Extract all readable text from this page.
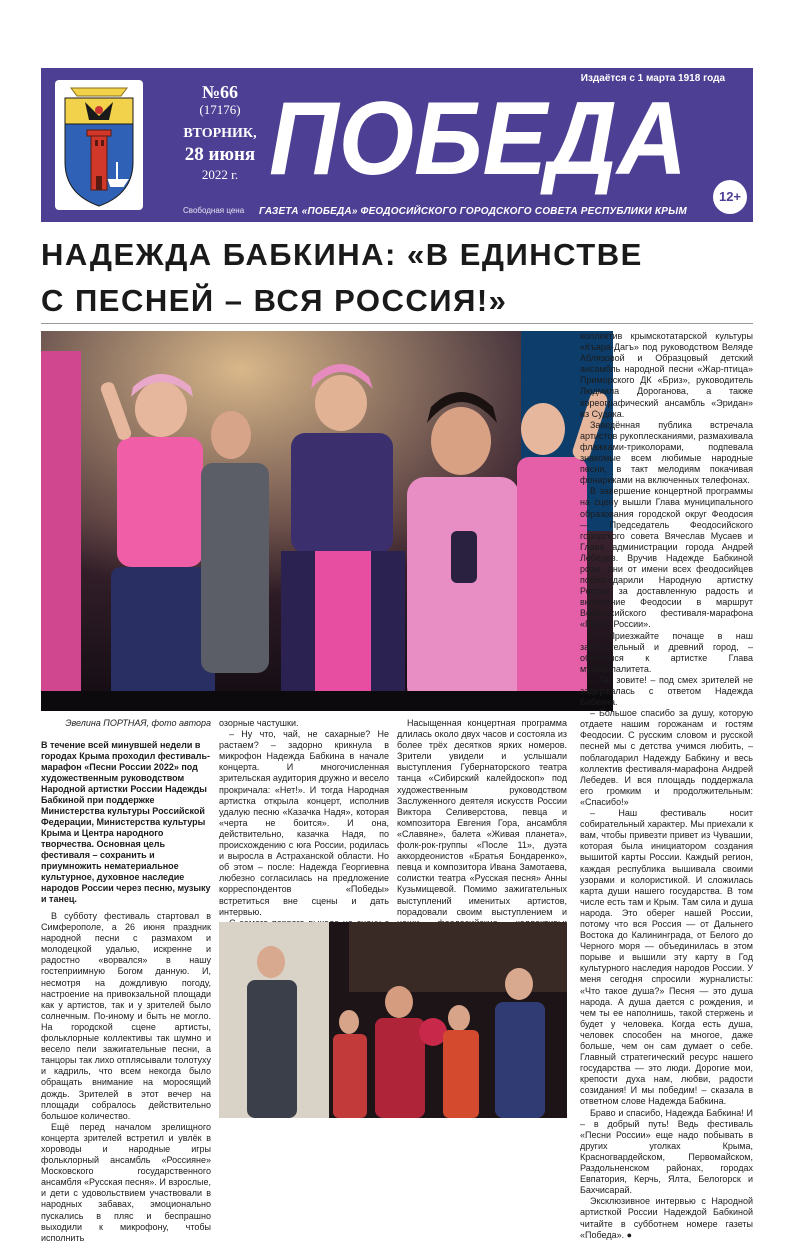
№66
(17176)
ВТОРНИК,
28 июня
2022 г.
Свободная цена
Издаётся с 1 марта 1918 года
ПОБЕДА	12+
ГАЗЕТА «ПОБЕДА» ФЕОДОСИЙСКОГО ГОРОДСКОГО СОВЕТА РЕСПУБЛИКИ КРЫМ
НАДЕЖДА БАБКИНА: «В ЕДИНСТВЕ
С ПЕСНЕЙ – ВСЯ РОССИЯ!»
Эвелина ПОРТНАЯ, фото автора

В течение всей минувшей недели в городах Крыма проходил фестиваль-марафон «Песни России 2022» под художественным руководством Народной артистки России Надежды Бабкиной при поддержке Министерства культуры Российской Федерации, Министерства культуры Крыма и Центра народного творчества. Основная цель фестиваля – сохранить и приумножить нематериальное культурное, духовное наследие народов России через песню, музыку и танец.

В субботу фестиваль стартовал в Симферополе, а 26 июня праздник народной песни с размахом и молодецкой удалью, искренне и радостно «ворвался» в нашу гостеприимную Богом данную. И, несмотря на дождливую погоду, настроение на привокзальной площади как у артистов, так и у зрителей было солнечным. По-иному и быть не могло. На городской сцене артисты, фольклорные коллективы так шумно и весело пели зажигательные песни, а танцоры так лихо отплясывали толотуху и кадриль, что всем некогда было обращать внимание на моросящий дождь. Зрителей в этот вечер на площади собралось действительно большое количество.

Ещё перед началом зрелищного концерта зрителей встретил и увлёк в хороводы и народные игры фольклорный ансамбль «Россияне» Московского государственного ансамбля «Русская песня». И взрослые, и дети с удовольствием участвовали в народных забавах, эмоционально пускались в пляс и беспрашно выходили к микрофону, чтобы исполнить

озорные частушки.

– Ну что, чай, не сахарные? Не растаем? – задорно крикнула в микрофон Надежда Бабкина в начале концерта. И многочисленная зрительская аудитория дружно и весело прокричала: «Нет!». И тогда Народная артистка открыла концерт, исполнив удалую песню «Казачка Надя», которая «черта не боится». И она, действительно, казачка Надя, по происхождению с юга России, родилась и выросла в Астраханской области. Но об этом – после: Надежда Георгиевна любезно согласилась на предложение корреспондентов «Победы» встретиться вне сцены и дать интервью.

Насыщенная концертная программа длилась около двух часов и состояла из более трёх десятков ярких номеров. Зрители увидели и услышали выступления Губернаторского театра танца «Сибирский калейдоскоп» под художественным руководством Заслуженного деятеля искусств России Виктора Селиверстова, певца и композитора Евгения Гора, ансамбля «Славяне», балета «Живая планета», фолк-рок-группы «После 11», дуэта аккордеонистов «Братья Бондаренко», певца и композитора Ивана Замотаева, солистки театра «Русская песня» Анны Кузьмищевой. Помимо зажигательных выступлений именитых артистов, порадовали своим выступлением и

коллектив крымскотатарской культуры «Къара-Дагъ» под руководством Веляде Аблязовой и Образцовый детский ансамбль народной песни «Жар-птица» Приморского ДК «Бриз», руководитель Людмила Дороганова, а также хореографический ансамбль «Эридан» из Судака.

Заведённая публика встречала артистов рукоплесканиями, размахивала флажками-триколорами, подпевала знакомые всем любимые народные песни, в такт мелодиям покачивая фонариками на включенных телефонах.

В завершение концертной программы на сцену вышли Глава муниципального образования городской округ Феодосия — Председатель Феодосийского городского совета Вячеслав Мусаев и Глава администрации города Андрей Лебедев. Вручив Надежде Бабкиной розы, они от имени всех феодосийцев поблагодарили Народную артистку России за доставленную радость и включение Феодосии в маршрут Всероссийского фестиваля-марафона «Песни России».

– Приезжайте почаще в наш замечательный и древний город, – обратился к артистке Глава муниципалитета.

– Так зовите! – под смех зрителей не задержалась с ответом Надежда Бабкина.

– Большое спасибо за душу, которую отдаете нашим горожанам и гостям Феодосии. С русским словом и русской песней мы с детства учимся любить, – поблагодарил Надежду Бабкину и весь коллектив фестиваля-марафона Андрей Лебедев. И вся площадь поддержала его громким и продолжительным: «Спасибо!»

– Наш фестиваль носит собирательный характер. Мы приехали к вам, чтобы привезти привет из Чувашии, которая была инициатором создания вышитой карты России. Каждый регион, каждая республика вышивала своими узорами и колористикой. И сложилась карта души нашего государства. В том числе есть там и Крым. Там сила и душа народа. Это оберег нашей России, потому что вся Россия — от Дальнего Востока до Калининграда, от Белого до Черного моря — объединилась в этом порыве и вышили эту карту в Год культурного наследия народов России. У меня сегодня спросили журналисты: «Что такое душа?» Песня — это душа народа. А душа дается с рождения, и чем ты ее наполнишь, такой стержень и будет у человека. Когда есть душа, человек способен на многое, даже больше, чем он сам думает о себе. Главный стратегический ресурс нашего государства — это люди. Дорогие мои, крепости духа нам, любви, радости созидания! И мы победим! – сказала в ответном слове Надежда Бабкина.

Браво и спасибо, Надежда Бабкина! И – в добрый путь! Ведь фестиваль «Песни России» еще надо побывать в других уголках Крыма, Красногвардейском, Первомайском, Раздольненском районах, городах Евпатория, Керчь, Ялта, Белогорск и Бахчисарай.

Эксклюзивное интервью с Народной артисткой России Надеждой Бабкиной читайте в субботнем номере газеты «Победа». ●
